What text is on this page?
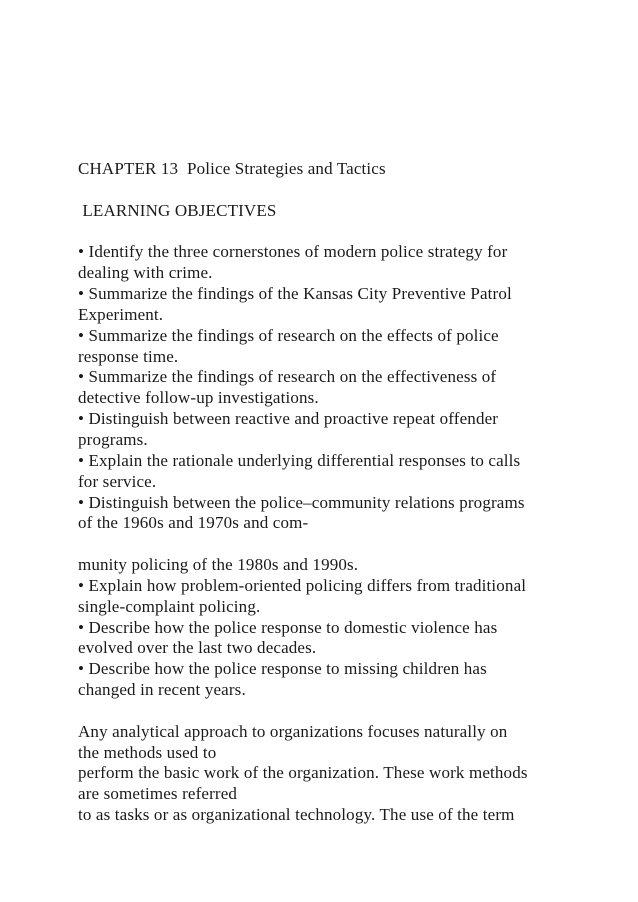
CHAPTER 13  Police Strategies and Tactics
LEARNING OBJECTIVES
• Identify the three cornerstones of modern police strategy for
dealing with crime.
• Summarize the findings of the Kansas City Preventive Patrol
Experiment.
• Summarize the findings of research on the effects of police
response time.
• Summarize the findings of research on the effectiveness of
detective follow-up investigations.
• Distinguish between reactive and proactive repeat offender
programs.
• Explain the rationale underlying differential responses to calls
for service.
• Distinguish between the police–community relations programs
of the 1960s and 1970s and com-
munity policing of the 1980s and 1990s.
• Explain how problem-oriented policing differs from traditional
single-complaint policing.
• Describe how the police response to domestic violence has
evolved over the last two decades.
• Describe how the police response to missing children has
changed in recent years.
Any analytical approach to organizations focuses naturally on
the methods used to
perform the basic work of the organization. These work methods
are sometimes referred
to as tasks or as organizational technology. The use of the term
